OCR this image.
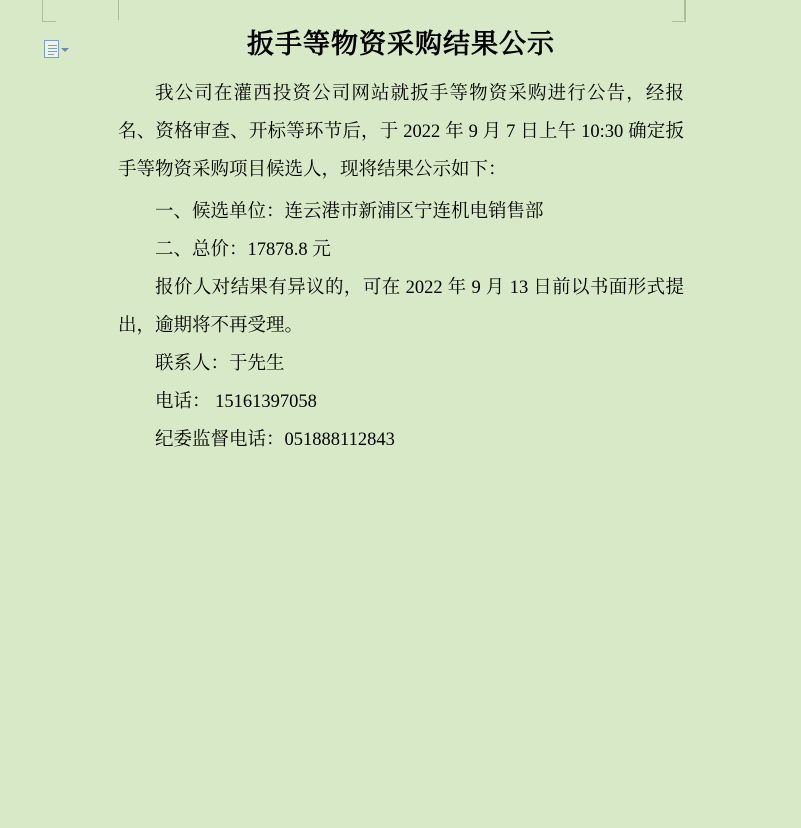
扳手等物资采购结果公示

我公司在灌西投资公司网站就扳手等物资采购进行公告，经报名、资格审查、开标等环节后，于 2022 年 9 月 7 日上午 10:30 确定扳手等物资采购项目候选人，现将结果公示如下：

一、候选单位：连云港市新浦区宁连机电销售部

二、总价：17878.8 元

报价人对结果有异议的，可在 2022 年 9 月 13 日前以书面形式提出，逾期将不再受理。

联系人：于先生

电话： 15161397058

纪委监督电话：051888112843
